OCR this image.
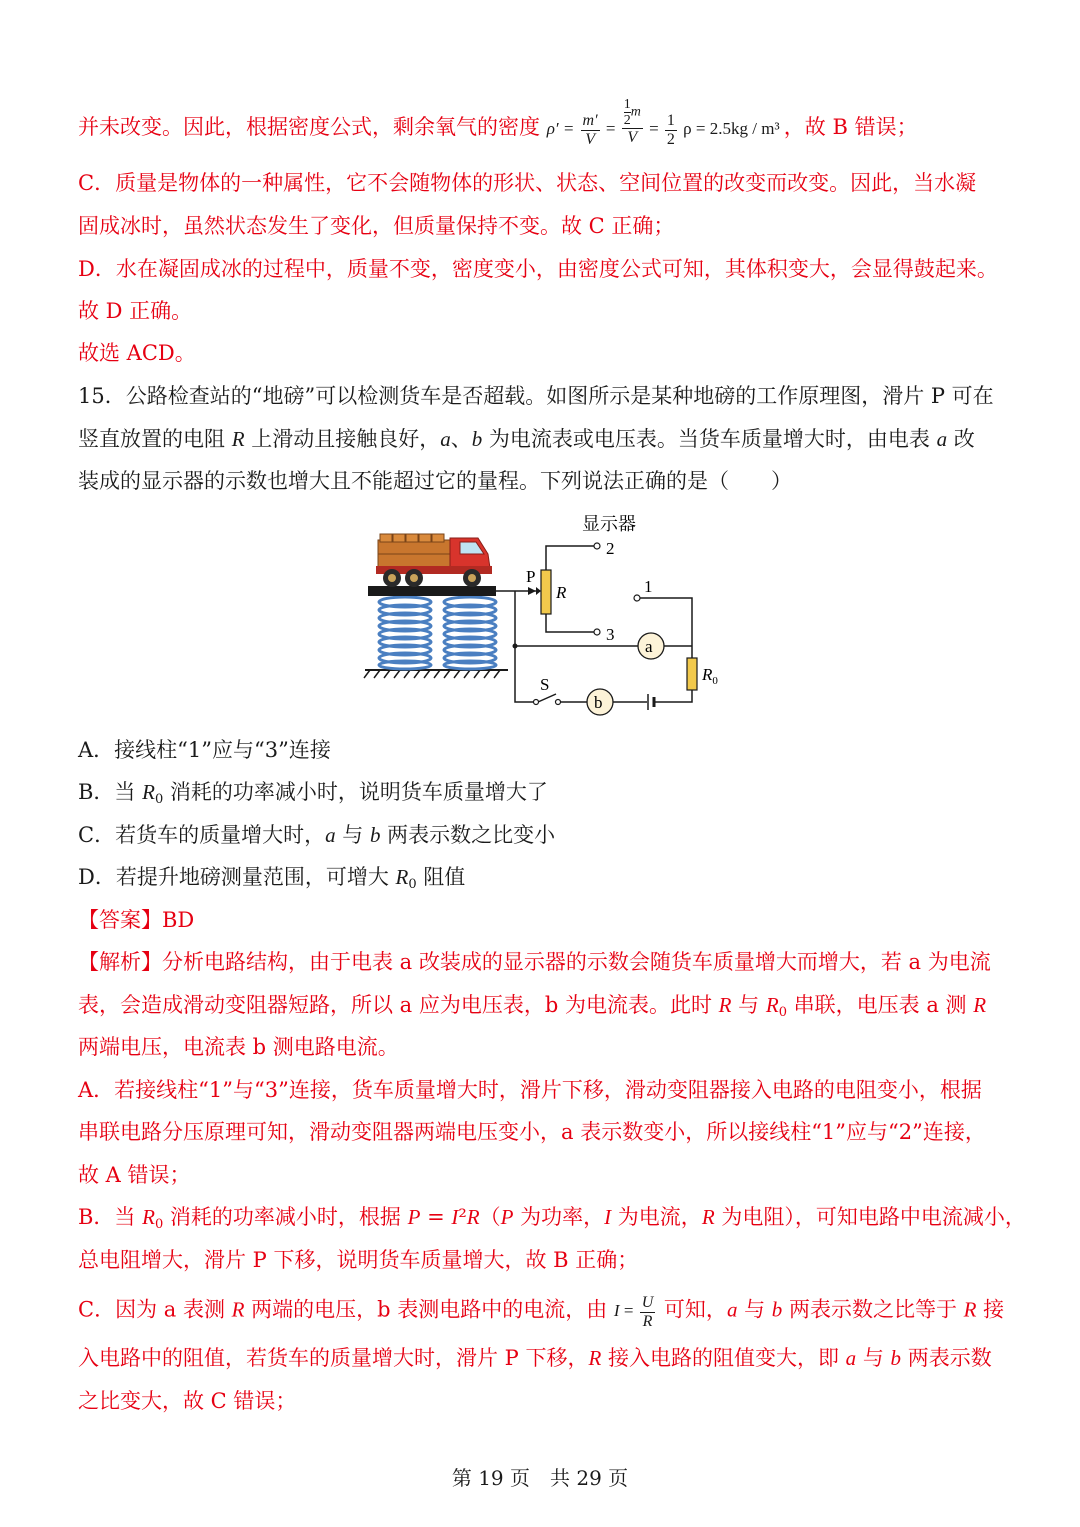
并未改变。因此，根据密度公式，剩余氧气的密度 $\rho' = \frac{m'}{V} = \frac{\frac{1}{2} m}{V} = \frac{1}{2}$ ρ = 2.5kg / m³ ，故 B 错误；
C．质量是物体的一种属性，它不会随物体的形状、状态、空间位置的改变而改变。因此，当水凝
固成冰时，虽然状态发生了变化，但质量保持不变。故 C 正确；
D．水在凝固成冰的过程中，质量不变，密度变小，由密度公式可知，其体积变大，会显得鼓起来。
故 D 正确。
故选 ACD。
15．公路检查站的“地磅”可以检测货车是否超载。如图所示是某种地磅的工作原理图，滑片 P 可在
竖直放置的电阻 R 上滑动且接触良好，a、b 为电流表或电压表。当货车质量增大时，由电表 a 改
装成的显示器的示数也增大且不能超过它的量程。下列说法正确的是（　　）
显示器
2
3
1
P
R
$R_0$
S
a
b
A．接线柱“1”应与“3”连接
B．当 $R_0$ 消耗的功率减小时，说明货车质量增大了
C．若货车的质量增大时，a 与 b 两表示数之比变小
D．若提升地磅测量范围，可增大 $R_0$ 阻值
【答案】BD
【解析】分析电路结构，由于电表 a 改装成的显示器的示数会随货车质量增大而增大，若 a 为电流
表，会造成滑动变阻器短路，所以 a 应为电压表，b 为电流表。此时 R 与 $R_0$ 串联，电压表 a 测 R
两端电压，电流表 b 测电路电流。
A．若接线柱“1”与“3”连接，货车质量增大时，滑片下移，滑动变阻器接入电路的电阻变小，根据
串联电路分压原理可知，滑动变阻器两端电压变小，a 表示数变小，所以接线柱“1”应与“2”连接，
故 A 错误；
B．当 $R_0$ 消耗的功率减小时，根据 P = I²R（P 为功率，I 为电流，R 为电阻），可知电路中电流减小，
总电阻增大，滑片 P 下移，说明货车质量增大，故 B 正确；
C．因为 a 表测 R 两端的电压，b 表测电路中的电流，由 $I = \frac{U}{R}$ 可知，a 与 b 两表示数之比等于 R 接
入电路中的阻值，若货车的质量增大时，滑片 P 下移，R 接入电路的阻值变大，即 a 与 b 两表示数
之比变大，故 C 错误；
第 19 页　共 29 页
